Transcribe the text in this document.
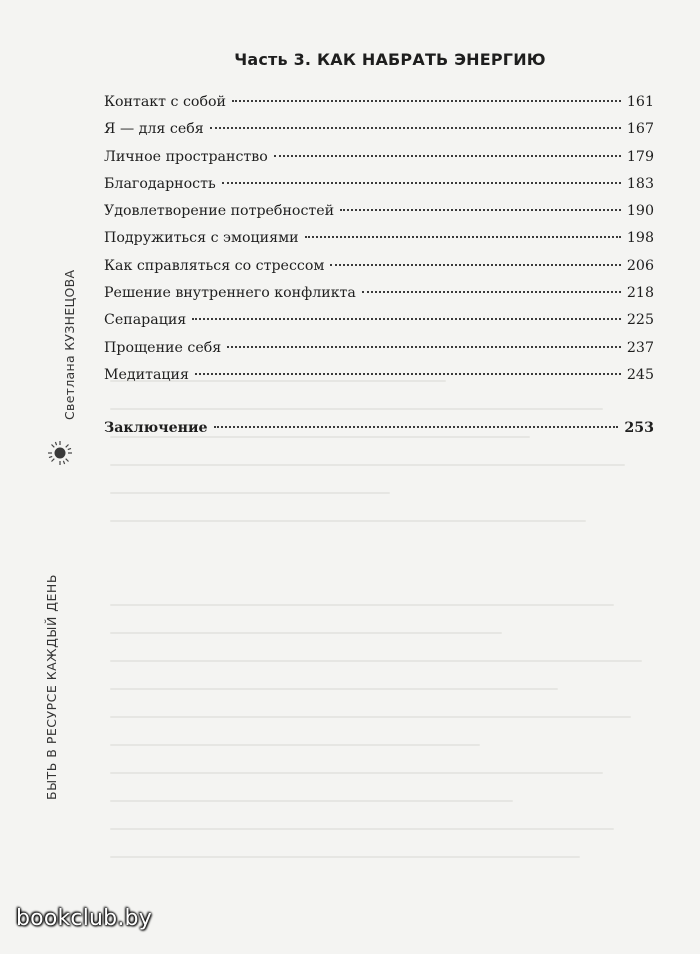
Часть 3. КАК НАБРАТЬ ЭНЕРГИЮ
Контакт с собой	161
Я — для себя	167
Личное пространство	179
Благодарность	183
Удовлетворение потребностей	190
Подружиться с эмоциями	198
Как справляться со стрессом	206
Решение внутреннего конфликта	218
Сепарация	225
Прощение себя	237
Медитация	245
Заключение	253
Светлана КУЗНЕЦОВА
БЫТЬ В РЕСУРСЕ КАЖДЫЙ ДЕНЬ
bookclub.by
